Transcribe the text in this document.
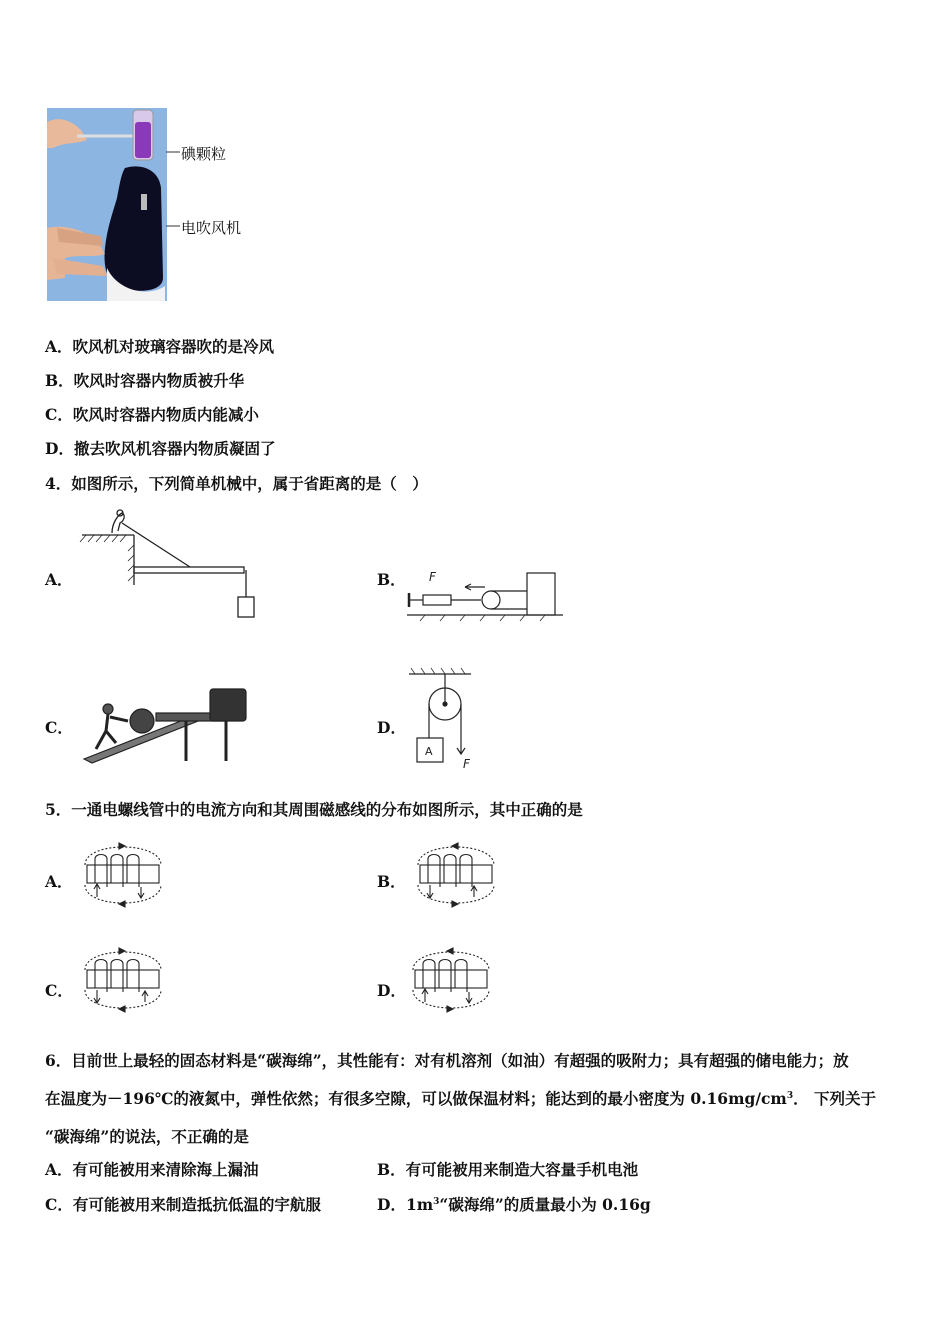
碘颗粒
电吹风机
A．吹风机对玻璃容器吹的是冷风
B．吹风时容器内物质被升华
C．吹风时容器内物质内能减小
D．撤去吹风机容器内物质凝固了
4．如图所示，下列简单机械中，属于省距离的是（　）
A．	B． F
C．	D．
A
F
5．一通电螺线管中的电流方向和其周围磁感线的分布如图所示，其中正确的是
A．	B．
C．	D．
6．目前世上最轻的固态材料是“碳海绵”，其性能有：对有机溶剂（如油）有超强的吸附力；具有超强的储电能力；放
在温度为－196℃的液氮中，弹性依然；有很多空隙，可以做保温材料；能达到的最小密度为 $0.16mg/cm^3$． 下列关于
“碳海绵”的说法，不正确的是
A．有可能被用来清除海上漏油	B．有可能被用来制造大容量手机电池
C．有可能被用来制造抵抗低温的宇航服	D．$1m^3“$碳海绵”的质量最小为 0.16g
